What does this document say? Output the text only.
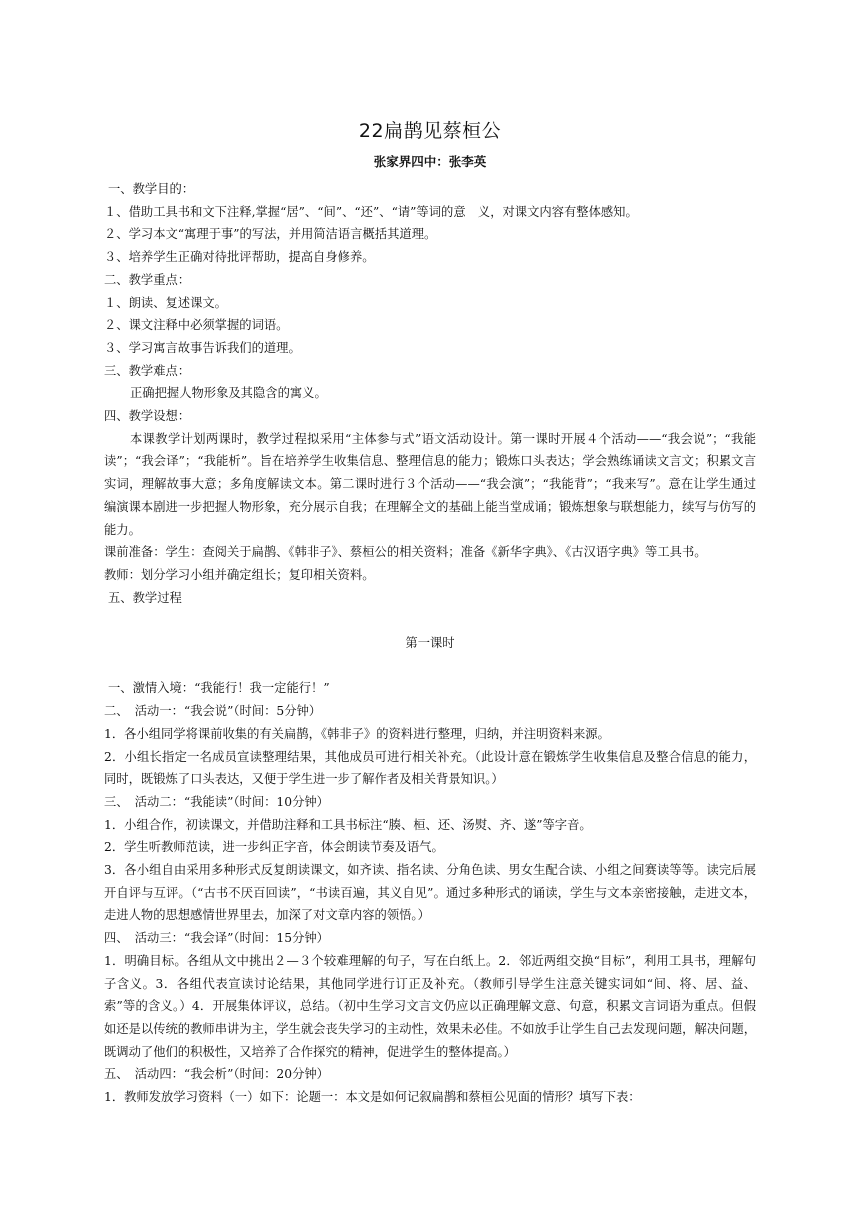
22扁鹊见蔡桓公
张家界四中：张李英

一、教学目的：

１、借助工具书和文下注释,掌握“居”、“间”、“还”、“请”等词的意　义，对课文内容有整体感知。

２、学习本文“寓理于事”的写法，并用简洁语言概括其道理。

３、培养学生正确对待批评帮助，提高自身修养。

二、教学重点：

１、朗读、复述课文。

２、课文注释中必须掌握的词语。

３、学习寓言故事告诉我们的道理。

三、教学难点：

正确把握人物形象及其隐含的寓义。

四、教学设想：

本课教学计划两课时，教学过程拟采用“主体参与式”语文活动设计。第一课时开展４个活动——“我会说”；“我能读”；“我会译”；“我能析”。旨在培养学生收集信息、整理信息的能力；锻炼口头表达；学会熟练诵读文言文；积累文言实词，理解故事大意；多角度解读文本。第二课时进行３个活动——“我会演”；“我能背”；“我来写”。意在让学生通过编演课本剧进一步把握人物形象，充分展示自我；在理解全文的基础上能当堂成诵；锻炼想象与联想能力，续写与仿写的能力。

课前准备：学生：查阅关于扁鹊、《韩非子》、蔡桓公的相关资料；准备《新华字典》、《古汉语字典》等工具书。

教师：划分学习小组并确定组长；复印相关资料。

五、教学过程

第一课时

一、激情入境：“我能行！我一定能行！”

二、　活动一：“我会说”（时间：5分钟）

1．各小组同学将课前收集的有关扁鹊，《韩非子》的资料进行整理，归纳，并注明资料来源。

2．小组长指定一名成员宣读整理结果，其他成员可进行相关补充。（此设计意在锻炼学生收集信息及整合信息的能力，同时，既锻炼了口头表达，又便于学生进一步了解作者及相关背景知识。）

三、　活动二：“我能读”（时间：10分钟）

1．小组合作，初读课文，并借助注释和工具书标注“腠、桓、还、汤熨、齐、遂”等字音。

2．学生听教师范读，进一步纠正字音，体会朗读节奏及语气。

3．各小组自由采用多种形式反复朗读课文，如齐读、指名读、分角色读、男女生配合读、小组之间赛读等等。读完后展开自评与互评。（“古书不厌百回读”，“书读百遍，其义自见”。通过多种形式的诵读，学生与文本亲密接触，走进文本，走进人物的思想感情世界里去，加深了对文章内容的领悟。）

四、　活动三：“我会译”（时间：15分钟）

1．明确目标。各组从文中挑出２—３个较难理解的句子，写在白纸上。2．邻近两组交换“目标”，利用工具书，理解句子含义。3．各组代表宣读讨论结果，其他同学进行订正及补充。（教师引导学生注意关键实词如“间、将、居、益、索”等的含义。）4．开展集体评议，总结。（初中生学习文言文仍应以正确理解文意、句意，积累文言词语为重点。但假如还是以传统的教师串讲为主，学生就会丧失学习的主动性，效果未必佳。不如放手让学生自己去发现问题，解决问题，既调动了他们的积极性，又培养了合作探究的精神，促进学生的整体提高。）

五、　活动四：“我会析”（时间：20分钟）

1．教师发放学习资料（一）如下：论题一：本文是如何记叙扁鹊和蔡桓公见面的情形？填写下表：
